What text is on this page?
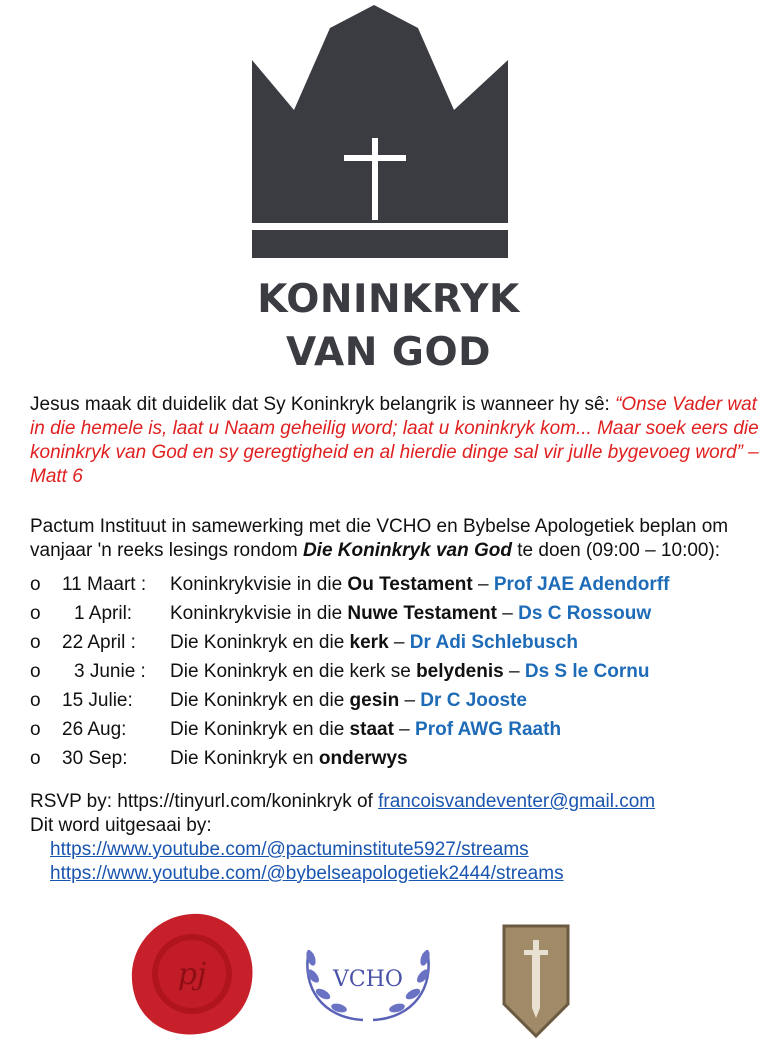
KONINKRYK
VAN GOD
Jesus maak dit duidelik dat Sy Koninkryk belangrik is wanneer hy sê: “Onse Vader wat in die hemele is, laat u Naam geheilig word; laat u koninkryk kom... Maar soek eers die koninkryk van God en sy geregtigheid en al hierdie dinge sal vir julle bygevoeg word” – Matt 6
Pactum Instituut in samewerking met die VCHO en Bybelse Apologetiek beplan om vanjaar 'n reeks lesings rondom Die Koninkryk van God te doen (09:00 – 10:00):
o 11 Maart :	Koninkrykvisie in die Ou Testament – Prof JAE Adendorff
o	1 April:	Koninkrykvisie in die Nuwe Testament – Ds C Rossouw
o 22 April :	Die Koninkryk en die kerk – Dr Adi Schlebusch
o	3 Junie :	Die Koninkryk en die kerk se belydenis – Ds S le Cornu
o 15 Julie:	Die Koninkryk en die gesin – Dr C Jooste
o 26 Aug:	Die Koninkryk en die staat – Prof AWG Raath
o 30 Sep:	Die Koninkryk en onderwys
RSVP by: https://tinyurl.com/koninkryk of francoisvandeventer@gmail.com
Dit word uitgesaai by:
https://www.youtube.com/@pactuminstitute5927/streams
https://www.youtube.com/@bybelseapologetiek2444/streams
pj	VCHO
